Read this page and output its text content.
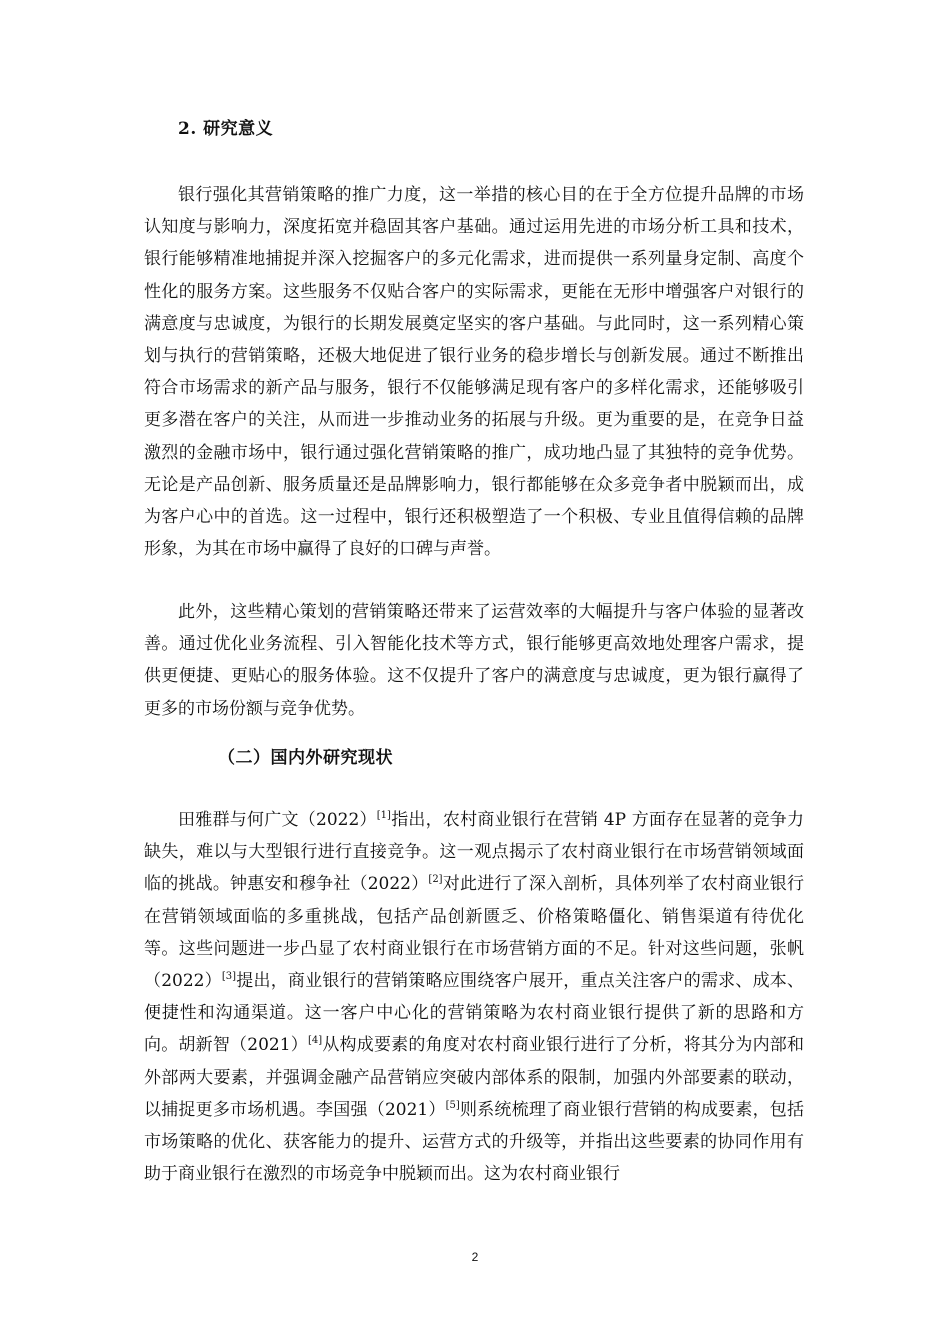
2. 研究意义

银行强化其营销策略的推广力度，这一举措的核心目的在于全方位提升品牌的市场认知度与影响力，深度拓宽并稳固其客户基础。通过运用先进的市场分析工具和技术，银行能够精准地捕捉并深入挖掘客户的多元化需求，进而提供一系列量身定制、高度个性化的服务方案。这些服务不仅贴合客户的实际需求，更能在无形中增强客户对银行的满意度与忠诚度，为银行的长期发展奠定坚实的客户基础。与此同时，这一系列精心策划与执行的营销策略，还极大地促进了银行业务的稳步增长与创新发展。通过不断推出符合市场需求的新产品与服务，银行不仅能够满足现有客户的多样化需求，还能够吸引更多潜在客户的关注，从而进一步推动业务的拓展与升级。更为重要的是，在竞争日益激烈的金融市场中，银行通过强化营销策略的推广，成功地凸显了其独特的竞争优势。无论是产品创新、服务质量还是品牌影响力，银行都能够在众多竞争者中脱颖而出，成为客户心中的首选。这一过程中，银行还积极塑造了一个积极、专业且值得信赖的品牌形象，为其在市场中赢得了良好的口碑与声誉。

此外，这些精心策划的营销策略还带来了运营效率的大幅提升与客户体验的显著改善。通过优化业务流程、引入智能化技术等方式，银行能够更高效地处理客户需求，提供更便捷、更贴心的服务体验。这不仅提升了客户的满意度与忠诚度，更为银行赢得了更多的市场份额与竞争优势。

（二）国内外研究现状

田雅群与何广文（2022）[1]指出，农村商业银行在营销 4P 方面存在显著的竞争力缺失，难以与大型银行进行直接竞争。这一观点揭示了农村商业银行在市场营销领域面临的挑战。钟惠安和穆争社（2022）[2]对此进行了深入剖析，具体列举了农村商业银行在营销领域面临的多重挑战，包括产品创新匮乏、价格策略僵化、销售渠道有待优化等。这些问题进一步凸显了农村商业银行在市场营销方面的不足。针对这些问题，张帆（2022）[3]提出，商业银行的营销策略应围绕客户展开，重点关注客户的需求、成本、便捷性和沟通渠道。这一客户中心化的营销策略为农村商业银行提供了新的思路和方向。胡新智（2021）[4]从构成要素的角度对农村商业银行进行了分析，将其分为内部和外部两大要素，并强调金融产品营销应突破内部体系的限制，加强内外部要素的联动，以捕捉更多市场机遇。李国强（2021）[5]则系统梳理了商业银行营销的构成要素，包括市场策略的优化、获客能力的提升、运营方式的升级等，并指出这些要素的协同作用有助于商业银行在激烈的市场竞争中脱颖而出。这为农村商业银行

2
